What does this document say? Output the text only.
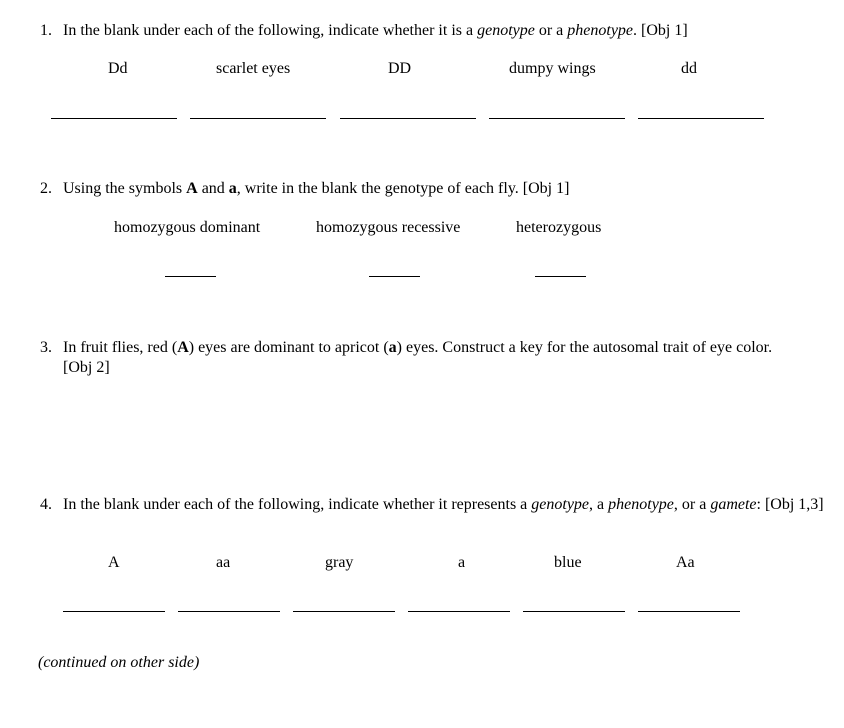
1. In the blank under each of the following, indicate whether it is a genotype or a phenotype. [Obj 1]
Dd	scarlet eyes	DD	dumpy wings	dd
2. Using the symbols A and a, write in the blank the genotype of each fly. [Obj 1]
homozygous dominant	homozygous recessive	heterozygous
3. In fruit flies, red (A) eyes are dominant to apricot (a) eyes. Construct a key for the autosomal trait of eye color. [Obj 2]
4. In the blank under each of the following, indicate whether it represents a genotype, a phenotype, or a gamete: [Obj 1,3]
A	aa	gray	a	blue	Aa
(continued on other side)
